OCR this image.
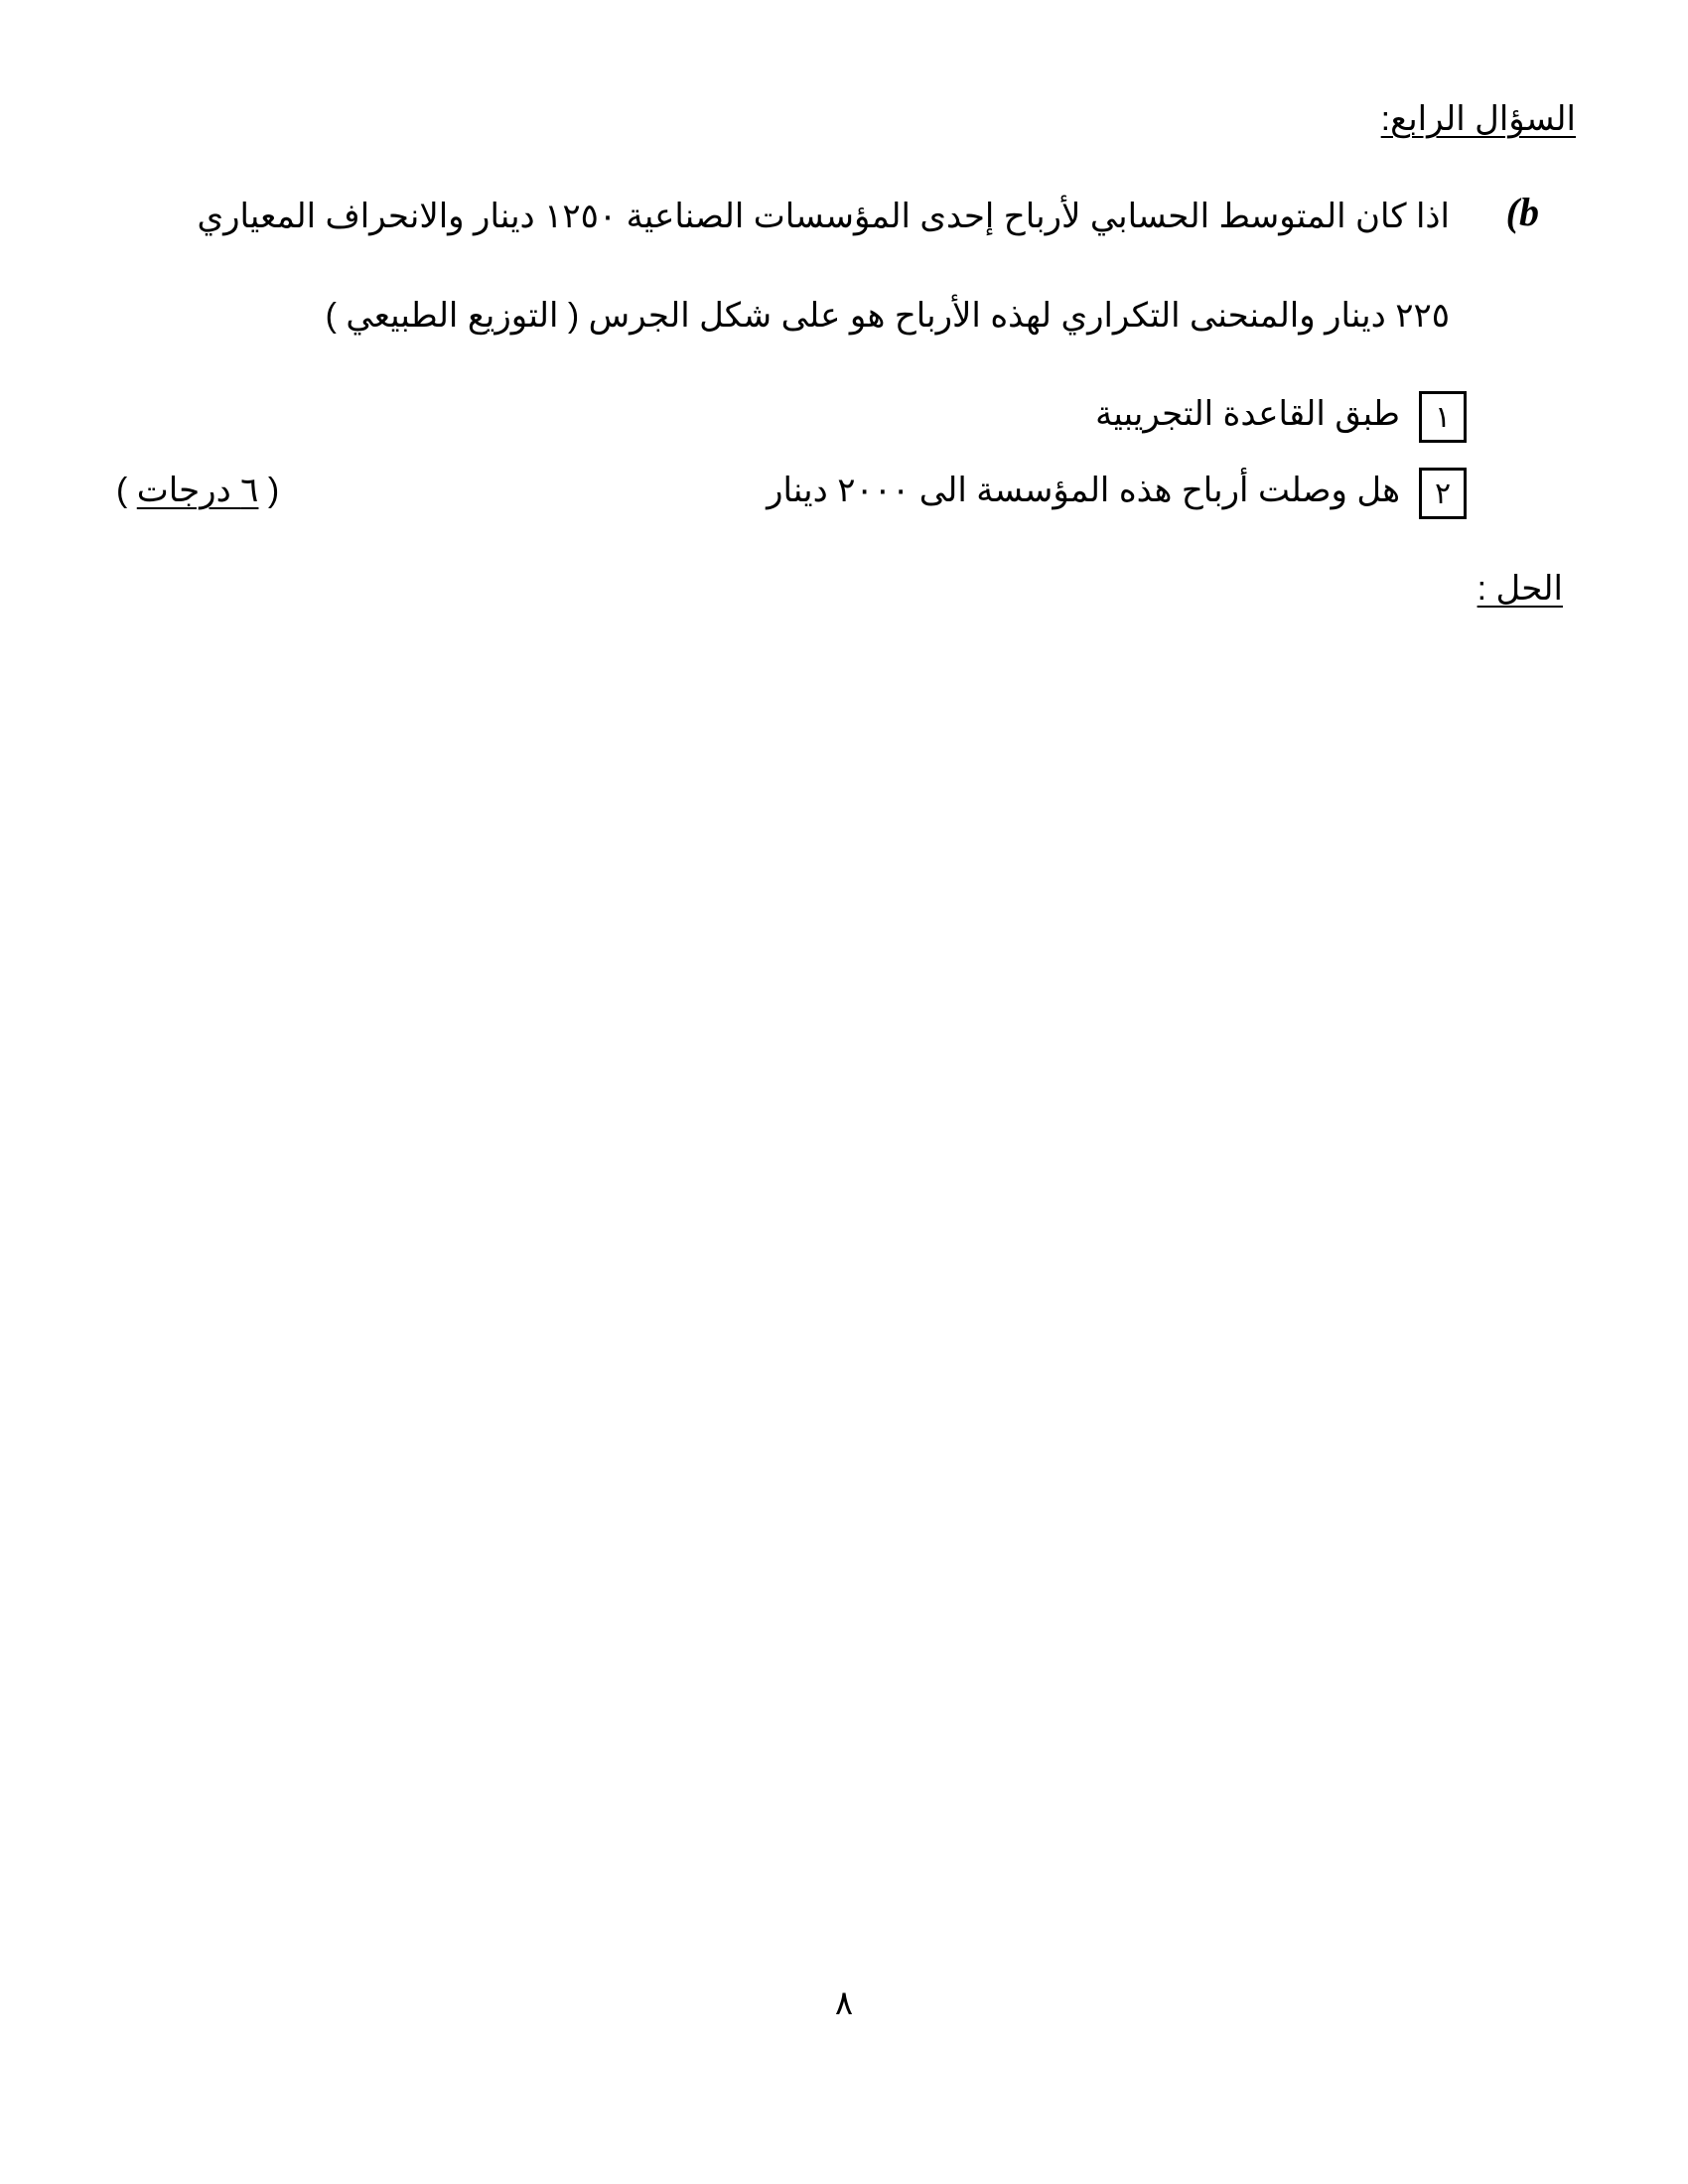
السؤال الرابع:
(b
اذا كان المتوسط الحسابي لأرباح إحدى المؤسسات الصناعية ١٢٥٠ دينار والانحراف المعياري
٢٢٥ دينار والمنحنى التكراري لهذه الأرباح هو على شكل الجرس ( التوزيع الطبيعي )
١
طبق القاعدة التجريبية
٢
هل وصلت أرباح هذه المؤسسة الى ٢٠٠٠ دينار
( ٦ درجات )
الحل :
٨
